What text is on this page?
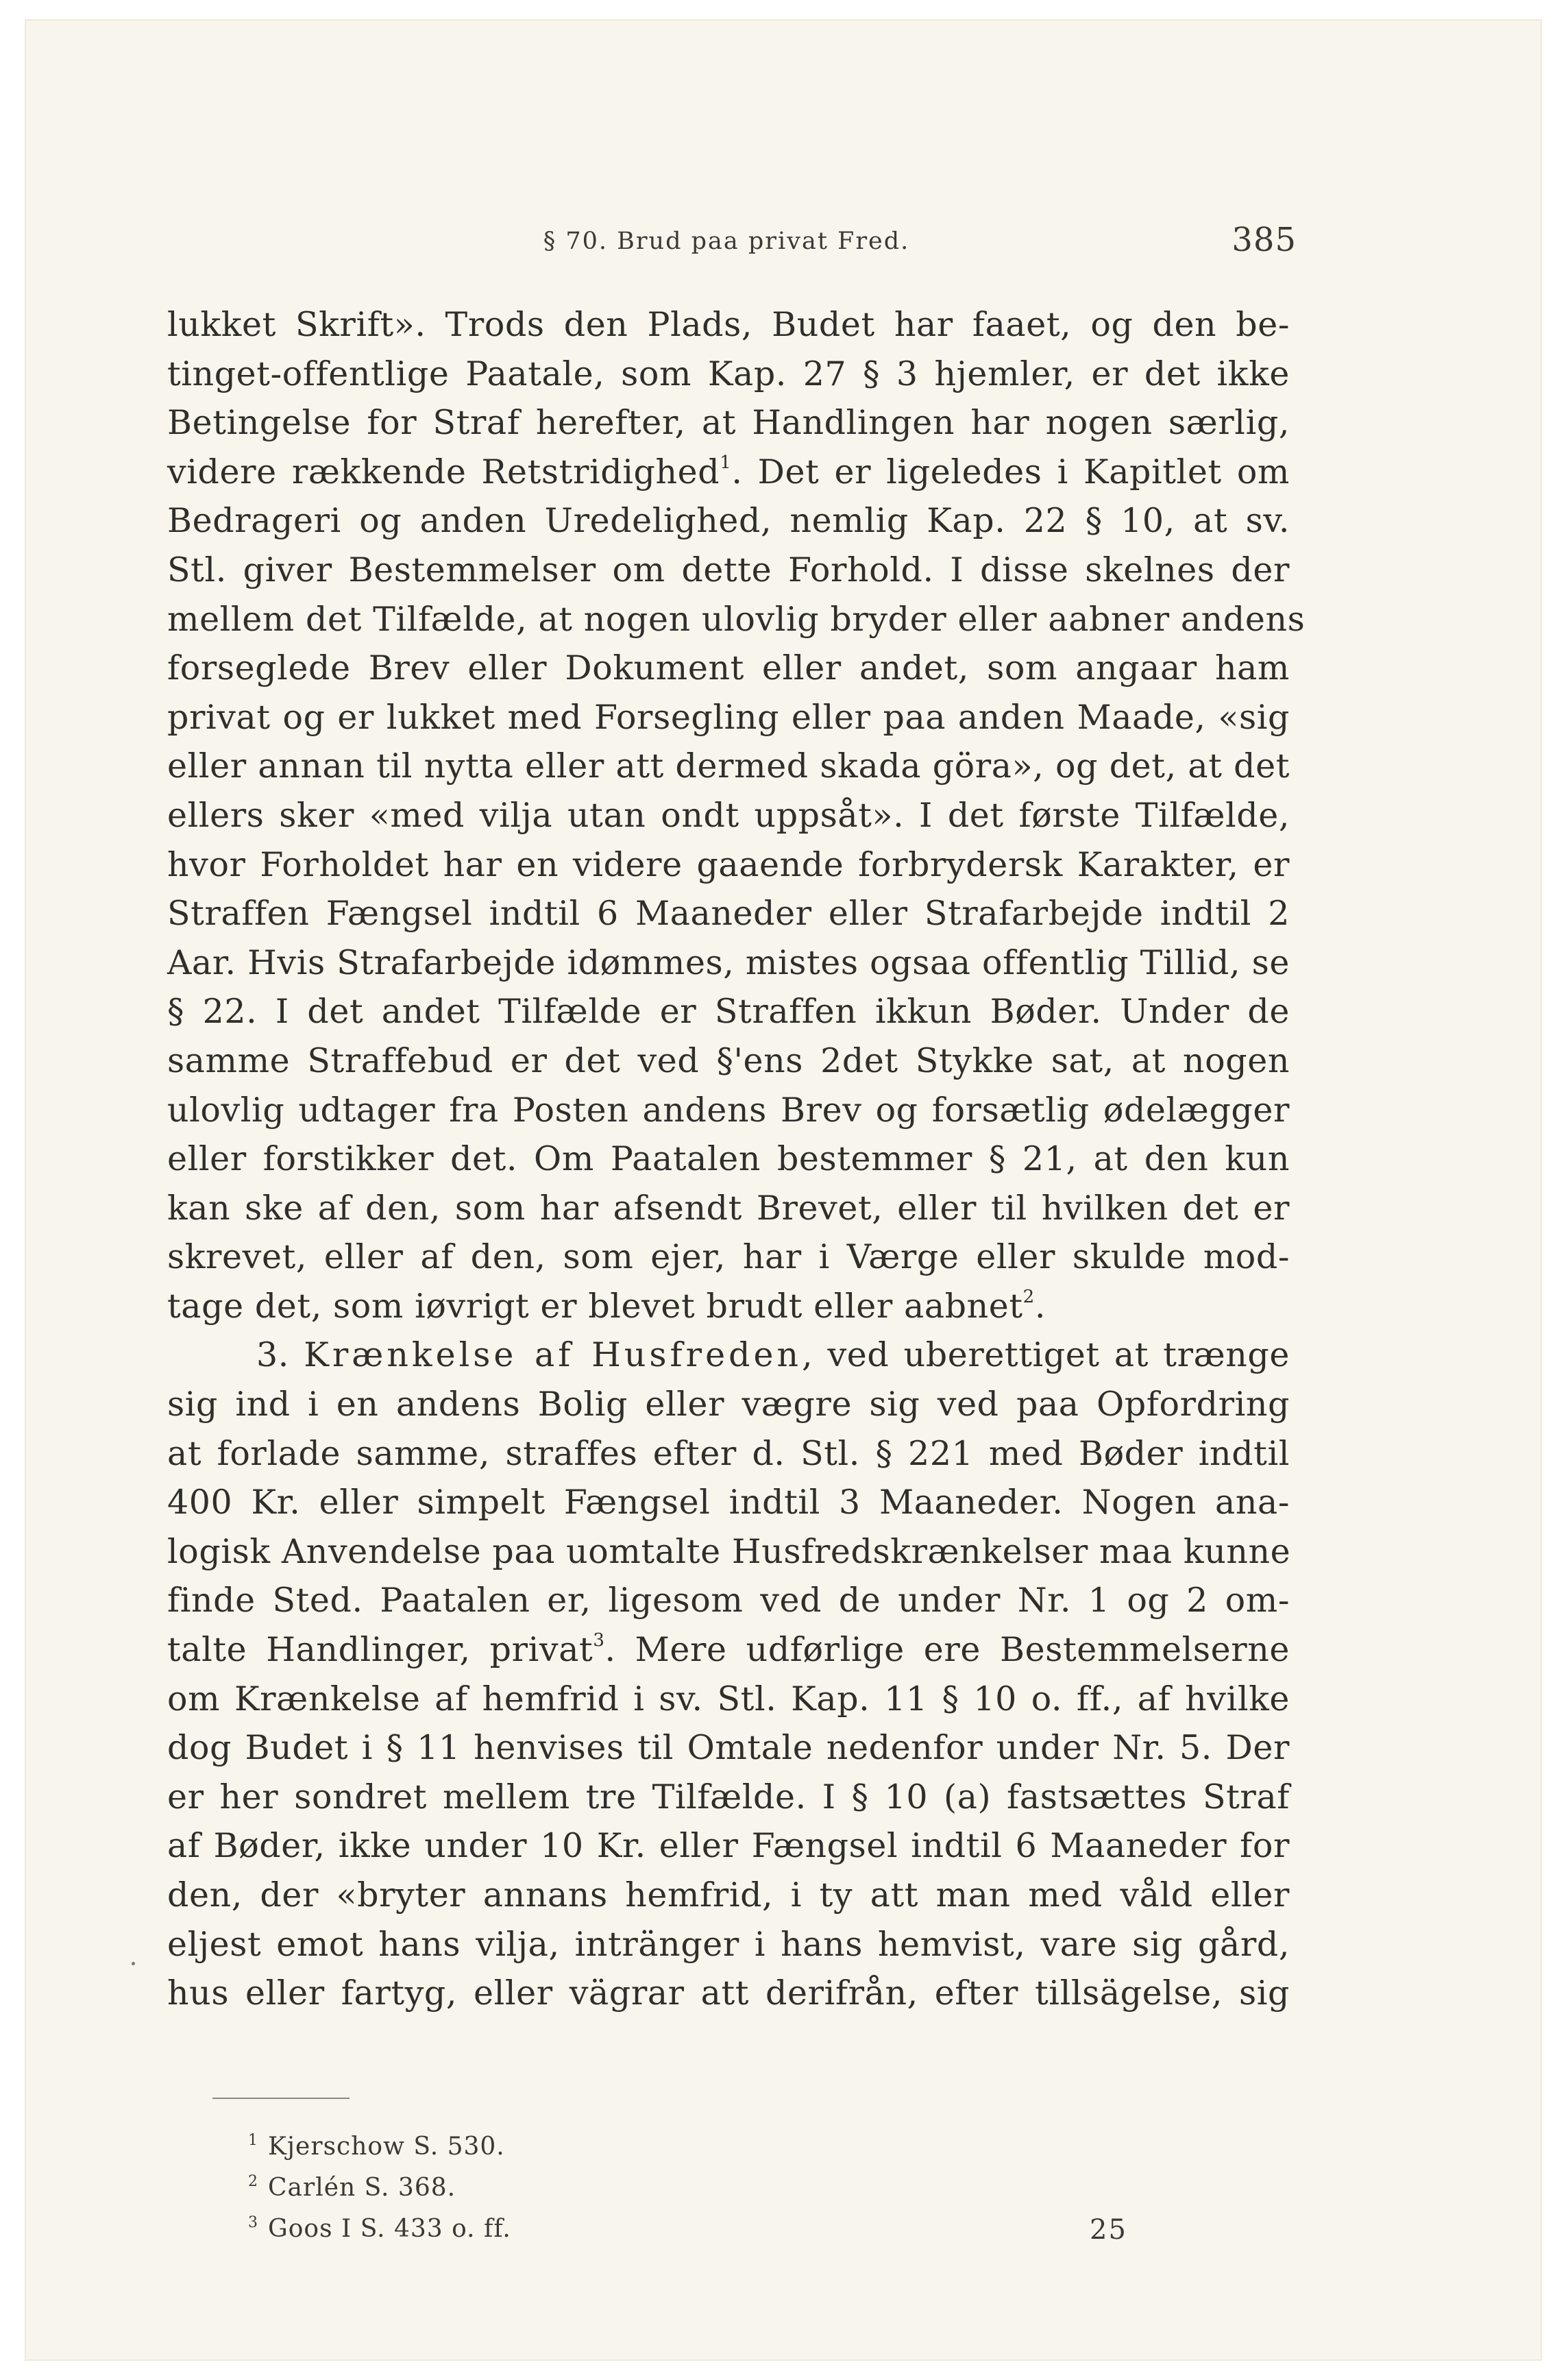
§ 70. Brud paa privat Fred.	385
lukket Skrift». Trods den Plads, Budet har faaet, og den be-
tinget-offentlige Paatale, som Kap. 27 § 3 hjemler, er det ikke
Betingelse for Straf herefter, at Handlingen har nogen særlig,
videre rækkende Retstridighed$^1$. Det er ligeledes i Kapitlet om
Bedrageri og anden Uredelighed, nemlig Kap. 22 § 10, at sv.
Stl. giver Bestemmelser om dette Forhold. I disse skelnes der
mellem det Tilfælde, at nogen ulovlig bryder eller aabner andens
forseglede Brev eller Dokument eller andet, som angaar ham
privat og er lukket med Forsegling eller paa anden Maade, «sig
eller annan til nytta eller att dermed skada göra», og det, at det
ellers sker «med vilja utan ondt uppsåt». I det første Tilfælde,
hvor Forholdet har en videre gaaende forbrydersk Karakter, er
Straffen Fængsel indtil 6 Maaneder eller Strafarbejde indtil 2
Aar. Hvis Strafarbejde idømmes, mistes ogsaa offentlig Tillid, se
§ 22. I det andet Tilfælde er Straffen ikkun Bøder. Under de
samme Straffebud er det ved §'ens 2det Stykke sat, at nogen
ulovlig udtager fra Posten andens Brev og forsætlig ødelægger
eller forstikker det. Om Paatalen bestemmer § 21, at den kun
kan ske af den, som har afsendt Brevet, eller til hvilken det er
skrevet, eller af den, som ejer, har i Værge eller skulde mod-
tage det, som iøvrigt er blevet brudt eller aabnet$^2$.
3. Krænkelse af Husfreden, ved uberettiget at trænge
sig ind i en andens Bolig eller vægre sig ved paa Opfordring
at forlade samme, straffes efter d. Stl. § 221 med Bøder indtil
400 Kr. eller simpelt Fængsel indtil 3 Maaneder. Nogen ana-
logisk Anvendelse paa uomtalte Husfredskrænkelser maa kunne
finde Sted. Paatalen er, ligesom ved de under Nr. 1 og 2 om-
talte Handlinger, privat$^3$. Mere udførlige ere Bestemmelserne
om Krænkelse af hemfrid i sv. Stl. Kap. 11 § 10 o. ff., af hvilke
dog Budet i § 11 henvises til Omtale nedenfor under Nr. 5. Der
er her sondret mellem tre Tilfælde. I § 10 (a) fastsættes Straf
af Bøder, ikke under 10 Kr. eller Fængsel indtil 6 Maaneder for
den, der «bryter annans hemfrid, i ty att man med våld eller
eljest emot hans vilja, intränger i hans hemvist, vare sig gård,
hus eller fartyg, eller vägrar att derifrån, efter tillsägelse, sig
$^1$ Kjerschow S. 530.
$^2$ Carlén S. 368.
$^3$ Goos I S. 433 o. ff.	25
